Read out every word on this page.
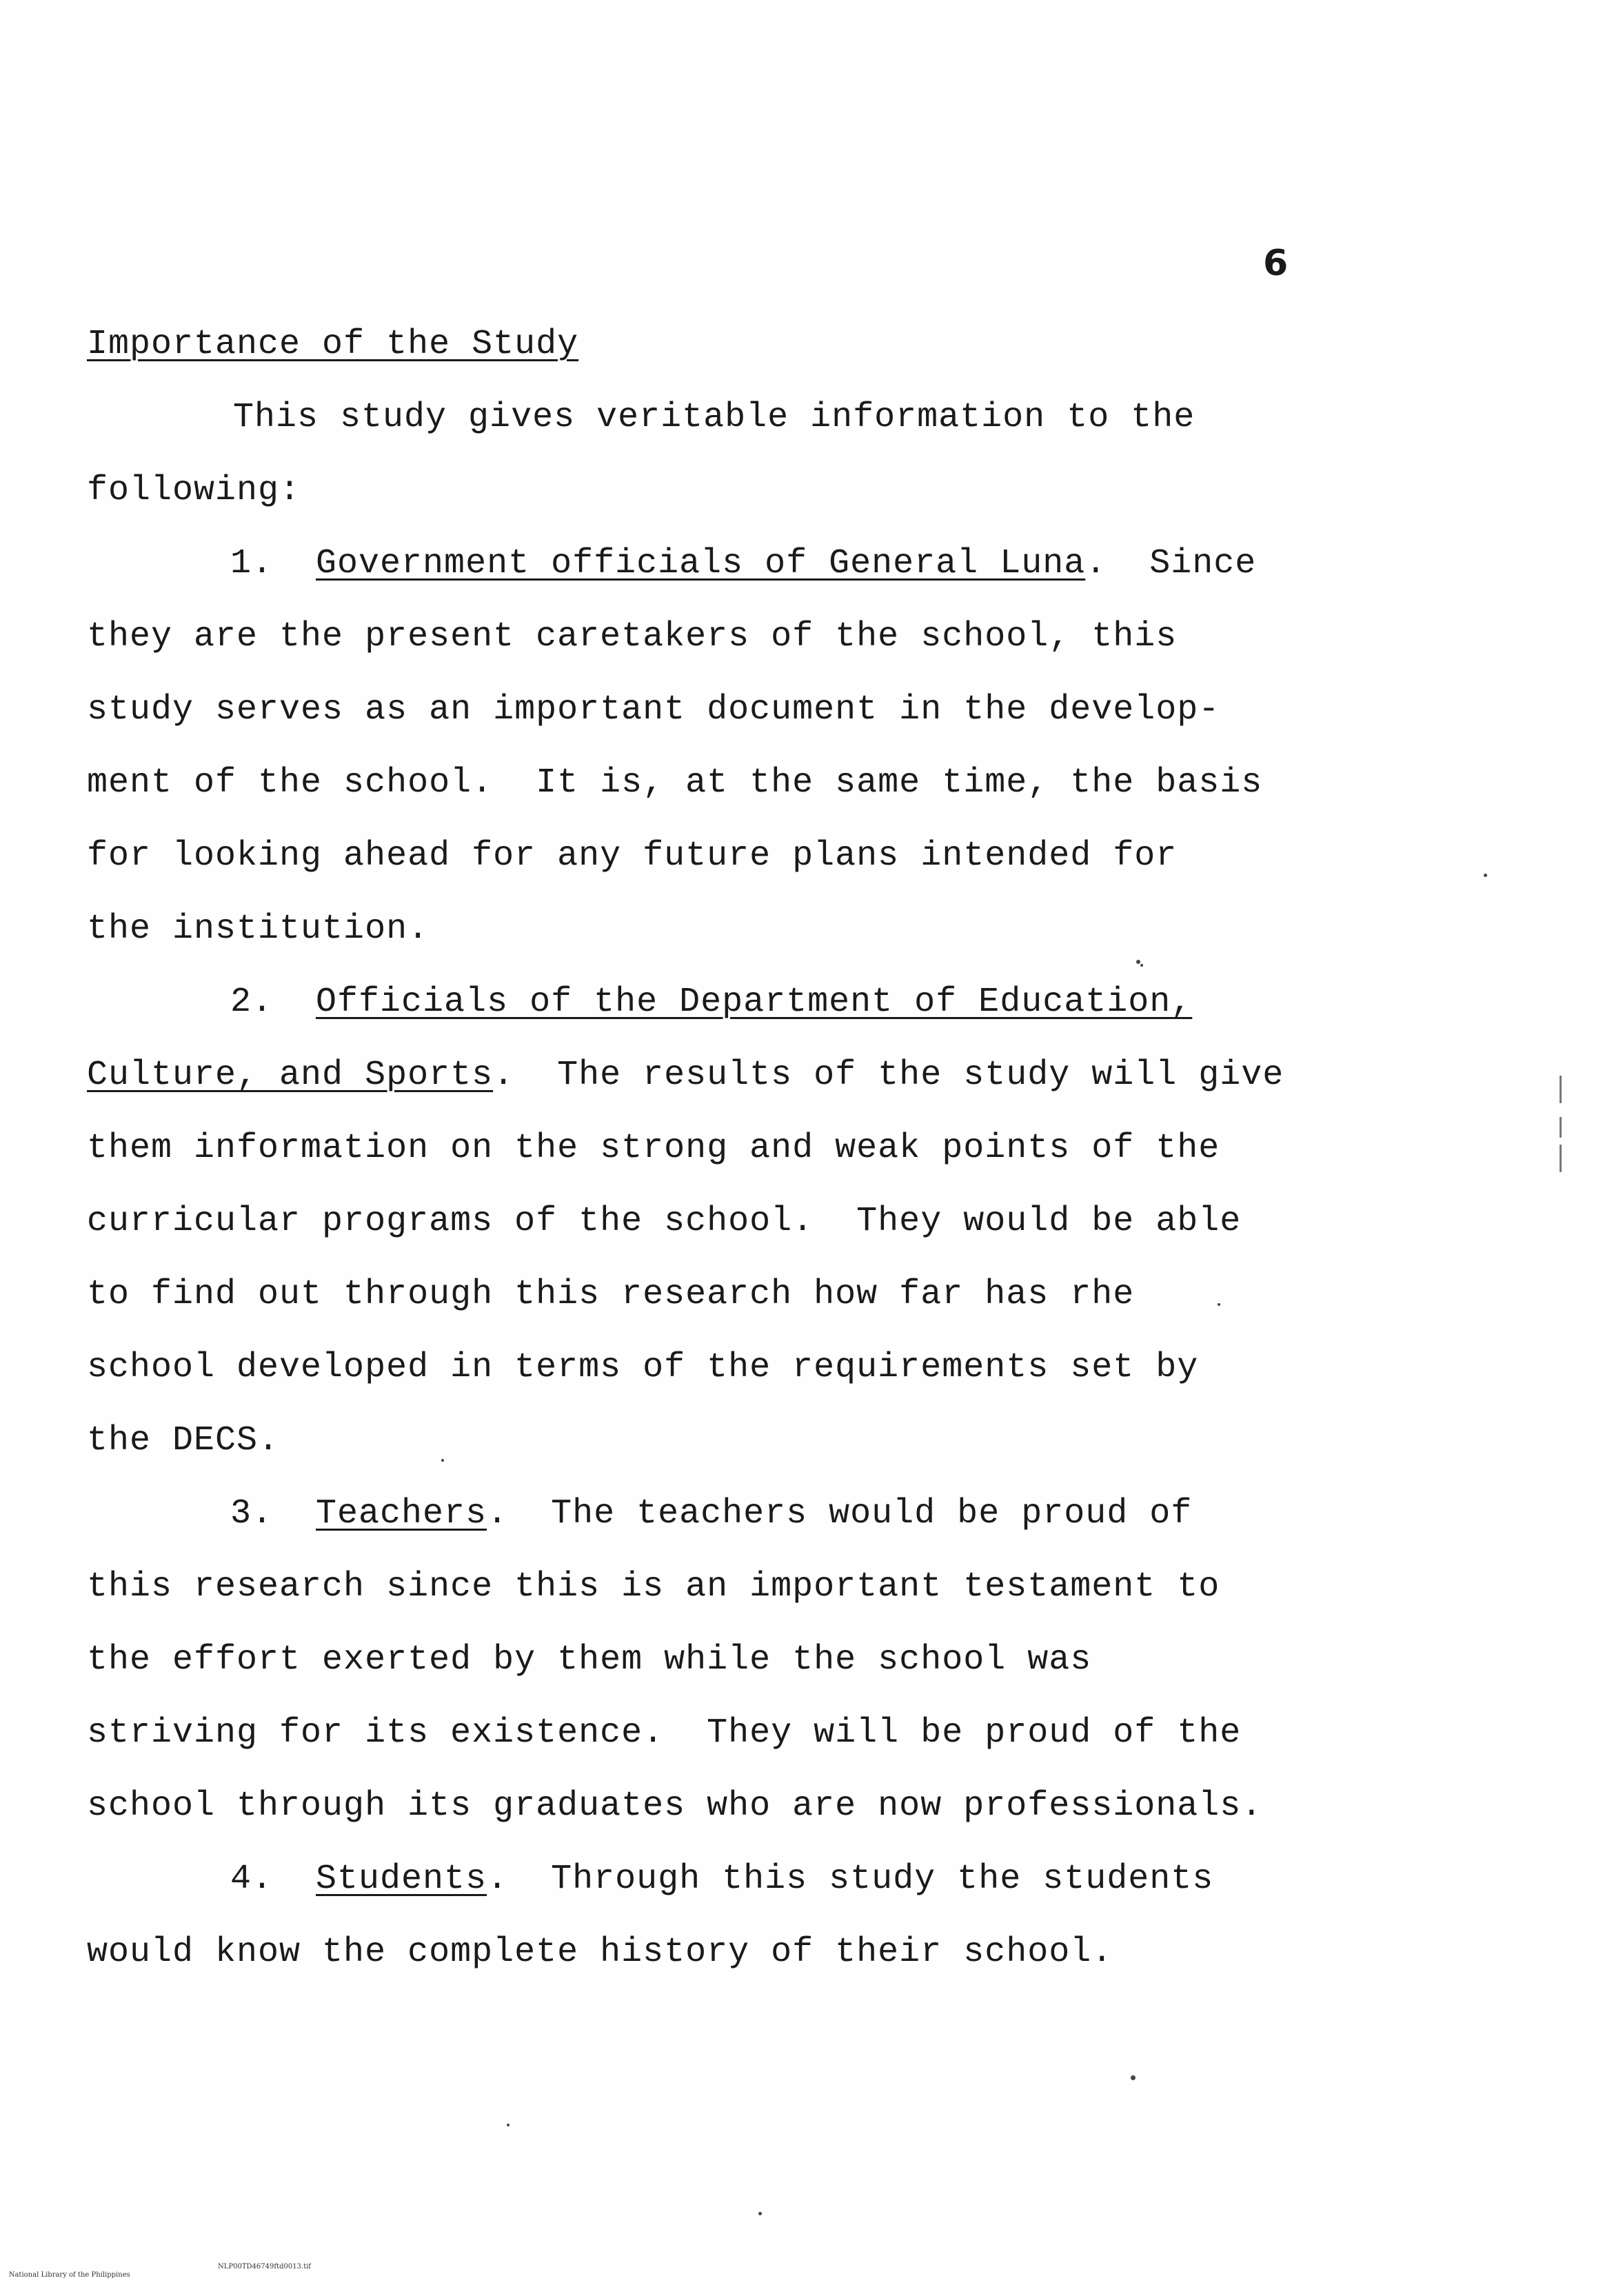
6
Importance of the Study
This study gives veritable information to the
following:
1. Government officials of General Luna.  Since
they are the present caretakers of the school, this
study serves as an important document in the develop-
ment of the school.  It is, at the same time, the basis
for looking ahead for any future plans intended for
the institution.
2. Officials of the Department of Education,
Culture, and Sports.  The results of the study will give
them information on the strong and weak points of the
curricular programs of the school.  They would be able
to find out through this research how far has rhe
school developed in terms of the requirements set by
the DECS.
3. Teachers.  The teachers would be proud of
this research since this is an important testament to
the effort exerted by them while the school was
striving for its existence.  They will be proud of the
school through its graduates who are now professionals.
4. Students.  Through this study the students
would know the complete history of their school.

National Library of the Philippines

NLP00TD46749ftd0013.tif
